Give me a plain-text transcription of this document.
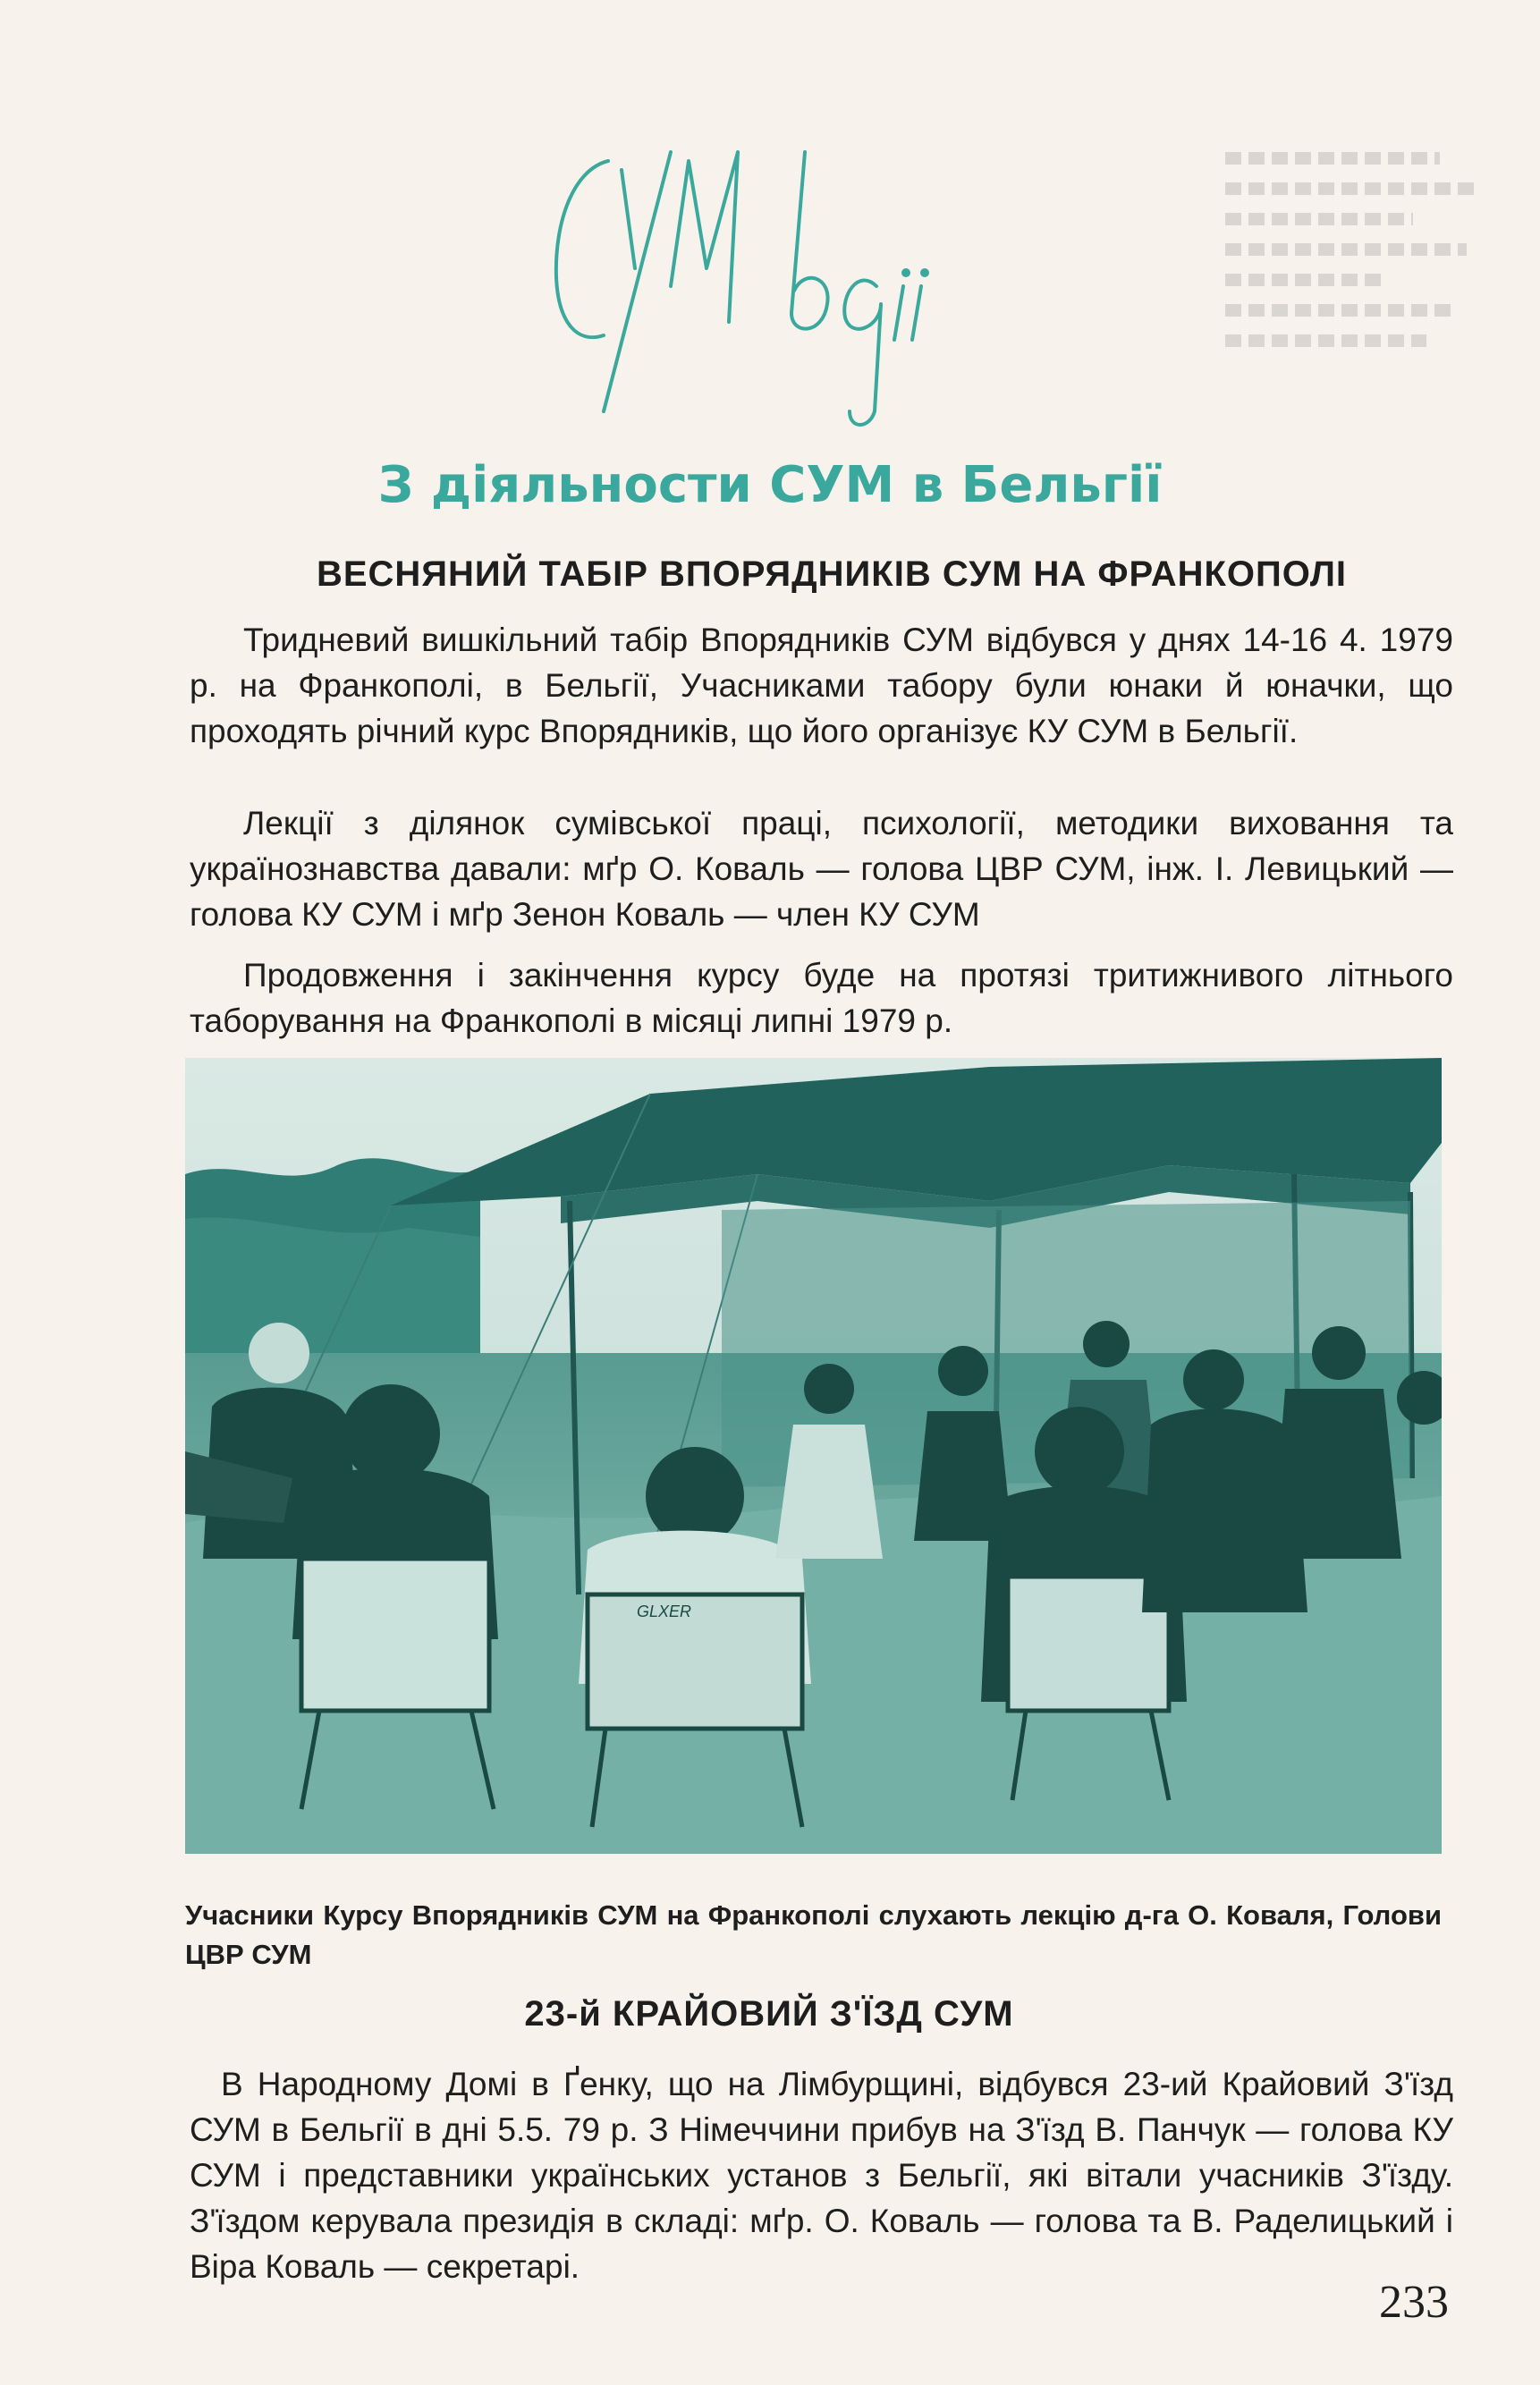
З діяльности СУМ в Бельгії
ВЕСНЯНИЙ ТАБІР ВПОРЯДНИКІВ СУМ НА ФРАНКОПОЛІ

Тридневий вишкільний табір Впорядників СУМ відбувся у днях 14-16 4. 1979 р. на Франкополі, в Бельгії, Учасниками табору були юнаки й юначки, що проходять річний курс Впорядників, що його організує КУ СУМ в Бельгії.

Лекції з ділянок сумівської праці, психології, методики виховання та українознавства давали: мґр О. Коваль — голова ЦВР СУМ, інж. І. Левицький — голова КУ СУМ і мґр Зенон Коваль — член КУ СУМ

Продовження і закінчення курсу буде на протязі тритижнивого літнього таборування на Франкополі в місяці липні 1979 р.

GLXER

Учасники Курсу Впорядників СУМ на Франкополі слухають лекцію д-га О. Коваля, Голови ЦВР СУМ

23-й КРАЙОВИЙ З'ЇЗД СУМ

В Народному Домі в Ґенку, що на Лімбурщині, відбувся 23-ий Крайовий З'їзд СУМ в Бельгії в дні 5.5. 79 р. З Німеччини прибув на З'їзд В. Панчук — голова КУ СУМ і представники українських установ з Бельгії, які вітали учасників З'їзду. З'їздом керувала президія в складі: мґр. О. Коваль — голова та В. Раделицький і Віра Коваль — секретарі.

233
